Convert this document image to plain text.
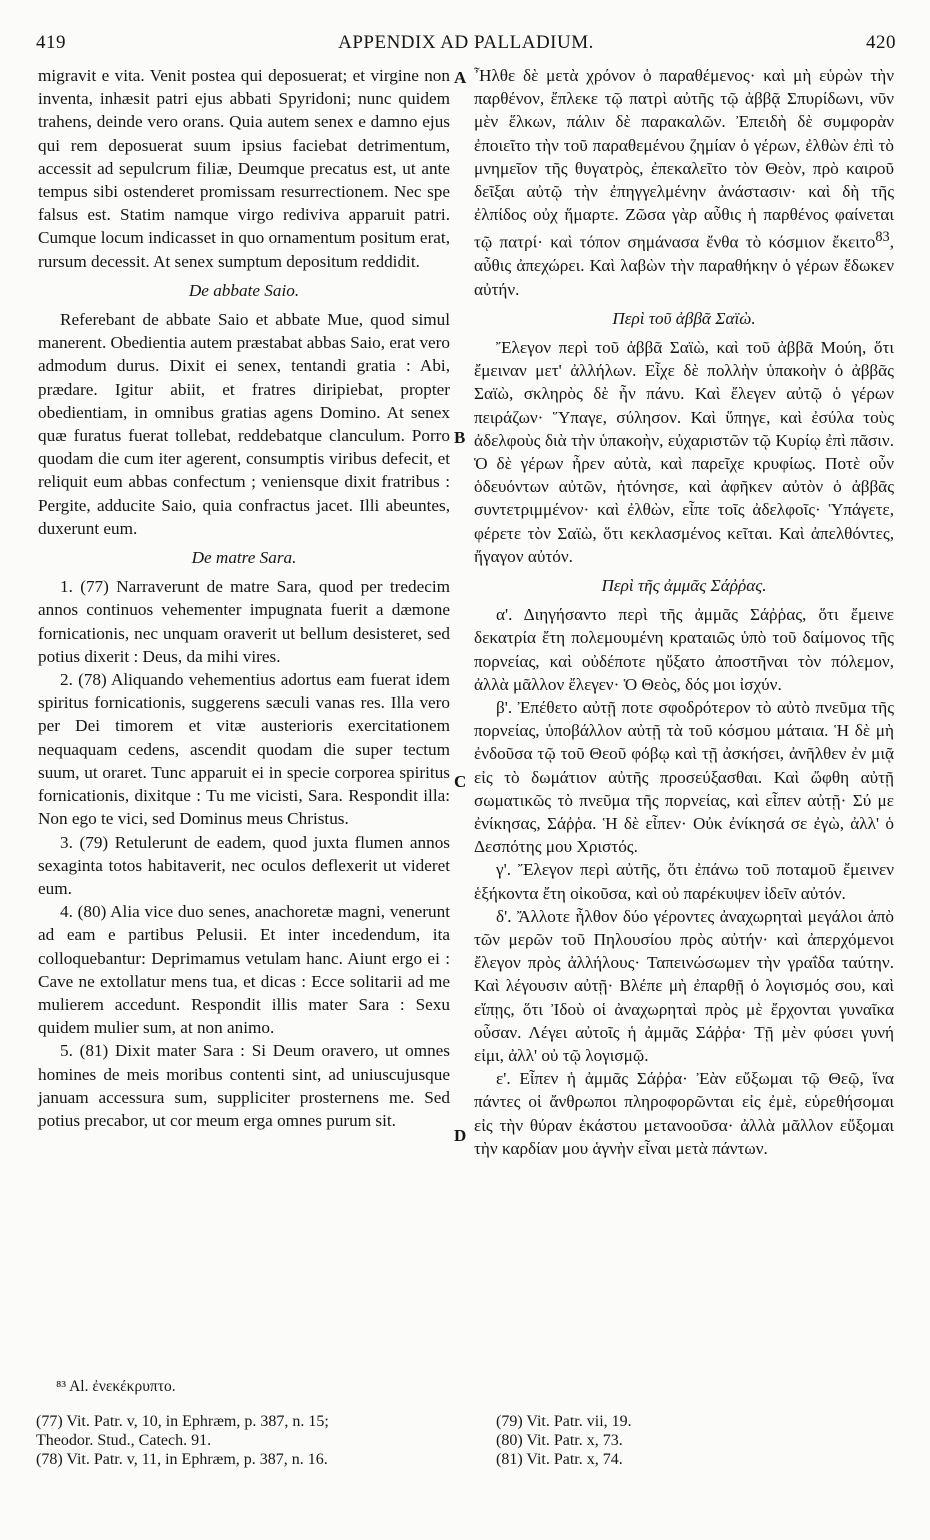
419	APPENDIX AD PALLADIUM.	420

migravit e vita. Venit postea qui deposuerat; et virgine non inventa, inhæsit patri ejus abbati Spyridoni; nunc quidem trahens, deinde vero orans. Quia autem senex e damno ejus qui rem deposuerat suum ipsius faciebat detrimentum, accessit ad sepulcrum filiæ, Deumque precatus est, ut ante tempus sibi ostenderet promissam resurrectionem. Nec spe falsus est. Statim namque virgo rediviva apparuit patri. Cumque locum indicasset in quo ornamentum positum erat, rursum decessit. At senex sumptum depositum reddidit.

De abbate Saio.

Referebant de abbate Saio et abbate Mue, quod simul manerent. Obedientia autem præstabat abbas Saio, erat vero admodum durus. Dixit ei senex, tentandi gratia : Abi, prædare. Igitur abiit, et fratres diripiebat, propter obedientiam, in omnibus gratias agens Domino. At senex quæ furatus fuerat tollebat, reddebatque clanculum. Porro quodam die cum iter agerent, consumptis viribus defecit, et reliquit eum abbas confectum ; veniensque dixit fratribus : Pergite, adducite Saio, quia confractus jacet. Illi abeuntes, duxerunt eum.

De matre Sara.

1. (77) Narraverunt de matre Sara, quod per tredecim annos continuos vehementer impugnata fuerit a dæmone fornicationis, nec unquam oraverit ut bellum desisteret, sed potius dixerit : Deus, da mihi vires.

2. (78) Aliquando vehementius adortus eam fuerat idem spiritus fornicationis, suggerens sæculi vanas res. Illa vero per Dei timorem et vitæ austerioris exercitationem nequaquam cedens, ascendit quodam die super tectum suum, ut oraret. Tunc apparuit ei in specie corporea spiritus fornicationis, dixitque : Tu me vicisti, Sara. Respondit illa: Non ego te vici, sed Dominus meus Christus.

3. (79) Retulerunt de eadem, quod juxta flumen annos sexaginta totos habitaverit, nec oculos deflexerit ut videret eum.

4. (80) Alia vice duo senes, anachoretæ magni, venerunt ad eam e partibus Pelusii. Et inter incedendum, ita colloquebantur: Deprimamus vetulam hanc. Aiunt ergo ei : Cave ne extollatur mens tua, et dicas : Ecce solitarii ad me mulierem accedunt. Respondit illis mater Sara : Sexu quidem mulier sum, at non animo.

5. (81) Dixit mater Sara : Si Deum oravero, ut omnes homines de meis moribus contenti sint, ad uniuscujusque januam accessura sum, suppliciter prosternens me. Sed potius precabor, ut cor meum erga omnes purum sit.

A
B
C
D

Ἦλθε δὲ μετὰ χρόνον ὁ παραθέμενος· καὶ μὴ εὑρὼν τὴν παρθένον, ἔπλεκε τῷ πατρὶ αὐτῆς τῷ ἀββᾷ Σπυρίδωνι, νῦν μὲν ἕλκων, πάλιν δὲ παρακαλῶν. Ἐπειδὴ δὲ συμφορὰν ἐποιεῖτο τὴν τοῦ παραθεμένου ζημίαν ὁ γέρων, ἐλθὼν ἐπὶ τὸ μνημεῖον τῆς θυγατρὸς, ἐπεκαλεῖτο τὸν Θεὸν, πρὸ καιροῦ δεῖξαι αὐτῷ τὴν ἐπηγγελμένην ἀνάστασιν· καὶ δὴ τῆς ἐλπίδος οὐχ ἥμαρτε. Ζῶσα γὰρ αὖθις ἡ παρθένος φαίνεται τῷ πατρί· καὶ τόπον σημάνασα ἔνθα τὸ κόσμιον ἔκειτο$^{83}$, αὖθις ἀπεχώρει. Καὶ λαβὼν τὴν παραθήκην ὁ γέρων ἔδωκεν αὐτήν.

Περὶ τοῦ ἀββᾶ Σαϊὼ.

Ἔλεγον περὶ τοῦ ἀββᾶ Σαϊὼ, καὶ τοῦ ἀββᾶ Μούη, ὅτι ἔμειναν μετ' ἀλλήλων. Εἶχε δὲ πολλὴν ὑπακοὴν ὁ ἀββᾶς Σαϊὼ, σκληρὸς δὲ ἦν πάνυ. Καὶ ἔλεγεν αὐτῷ ὁ γέρων πειράζων· Ὕπαγε, σύλησον. Καὶ ὕπηγε, καὶ ἐσύλα τοὺς ἀδελφοὺς διὰ τὴν ὑπακοὴν, εὐχαριστῶν τῷ Κυρίῳ ἐπὶ πᾶσιν. Ὁ δὲ γέρων ἦρεν αὐτὰ, καὶ παρεῖχε κρυφίως. Ποτὲ οὖν ὁδευόντων αὐτῶν, ἠτόνησε, καὶ ἀφῆκεν αὐτὸν ὁ ἀββᾶς συντετριμμένον· καὶ ἐλθὼν, εἶπε τοῖς ἀδελφοῖς· Ὑπάγετε, φέρετε τὸν Σαϊὼ, ὅτι κεκλασμένος κεῖται. Καὶ ἀπελθόντες, ἤγαγον αὐτόν.

Περὶ τῆς ἀμμᾶς Σάῤῥας.

α'. Διηγήσαντο περὶ τῆς ἀμμᾶς Σάῤῥας, ὅτι ἔμεινε δεκατρία ἔτη πολεμουμένη κραταιῶς ὑπὸ τοῦ δαίμονος τῆς πορνείας, καὶ οὐδέποτε ηὔξατο ἀποστῆναι τὸν πόλεμον, ἀλλὰ μᾶλλον ἔλεγεν· Ὁ Θεὸς, δός μοι ἰσχύν.

β'. Ἐπέθετο αὐτῇ ποτε σφοδρότερον τὸ αὐτὸ πνεῦμα τῆς πορνείας, ὑποβάλλον αὐτῇ τὰ τοῦ κόσμου μάταια. Ἡ δὲ μὴ ἐνδοῦσα τῷ τοῦ Θεοῦ φόβῳ καὶ τῇ ἀσκήσει, ἀνῆλθεν ἐν μιᾷ εἰς τὸ δωμάτιον αὐτῆς προσεύξασθαι. Καὶ ὤφθη αὐτῇ σωματικῶς τὸ πνεῦμα τῆς πορνείας, καὶ εἶπεν αὐτῇ· Σύ με ἐνίκησας, Σάῤῥα. Ἡ δὲ εἶπεν· Οὐκ ἐνίκησά σε ἐγὼ, ἀλλ' ὁ Δεσπότης μου Χριστός.

γ'. Ἔλεγον περὶ αὐτῆς, ὅτι ἐπάνω τοῦ ποταμοῦ ἔμεινεν ἑξήκοντα ἔτη οἰκοῦσα, καὶ οὐ παρέκυψεν ἰδεῖν αὐτόν.

δ'. Ἄλλοτε ἦλθον δύο γέροντες ἀναχωρηταὶ μεγάλοι ἀπὸ τῶν μερῶν τοῦ Πηλουσίου πρὸς αὐτήν· καὶ ἀπερχόμενοι ἔλεγον πρὸς ἀλλήλους· Ταπεινώσωμεν τὴν γραΐδα ταύτην. Καὶ λέγουσιν αὐτῇ· Βλέπε μὴ ἐπαρθῇ ὁ λογισμός σου, καὶ εἴπῃς, ὅτι Ἰδοὺ οἱ ἀναχωρηταὶ πρὸς μὲ ἔρχονται γυναῖκα οὖσαν. Λέγει αὐτοῖς ἡ ἀμμᾶς Σάῤῥα· Τῇ μὲν φύσει γυνή εἰμι, ἀλλ' οὐ τῷ λογισμῷ.

ε'. Εἶπεν ἡ ἀμμᾶς Σάῤῥα· Ἐὰν εὔξωμαι τῷ Θεῷ, ἵνα πάντες οἱ ἄνθρωποι πληροφορῶνται εἰς ἐμὲ, εὑρεθήσομαι εἰς τὴν θύραν ἑκάστου μετανοοῦσα· ἀλλὰ μᾶλλον εὔξομαι τὴν καρδίαν μου ἁγνὴν εἶναι μετὰ πάντων.

⁸³ Al. ἐνεκέκρυπτο.
(77) Vit. Patr. v, 10, in Ephræm, p. 387, n. 15;
Theodor. Stud., Catech. 91.
(78) Vit. Patr. v, 11, in Ephræm, p. 387, n. 16.
(79) Vit. Patr. vii, 19.
(80) Vit. Patr. x, 73.
(81) Vit. Patr. x, 74.
